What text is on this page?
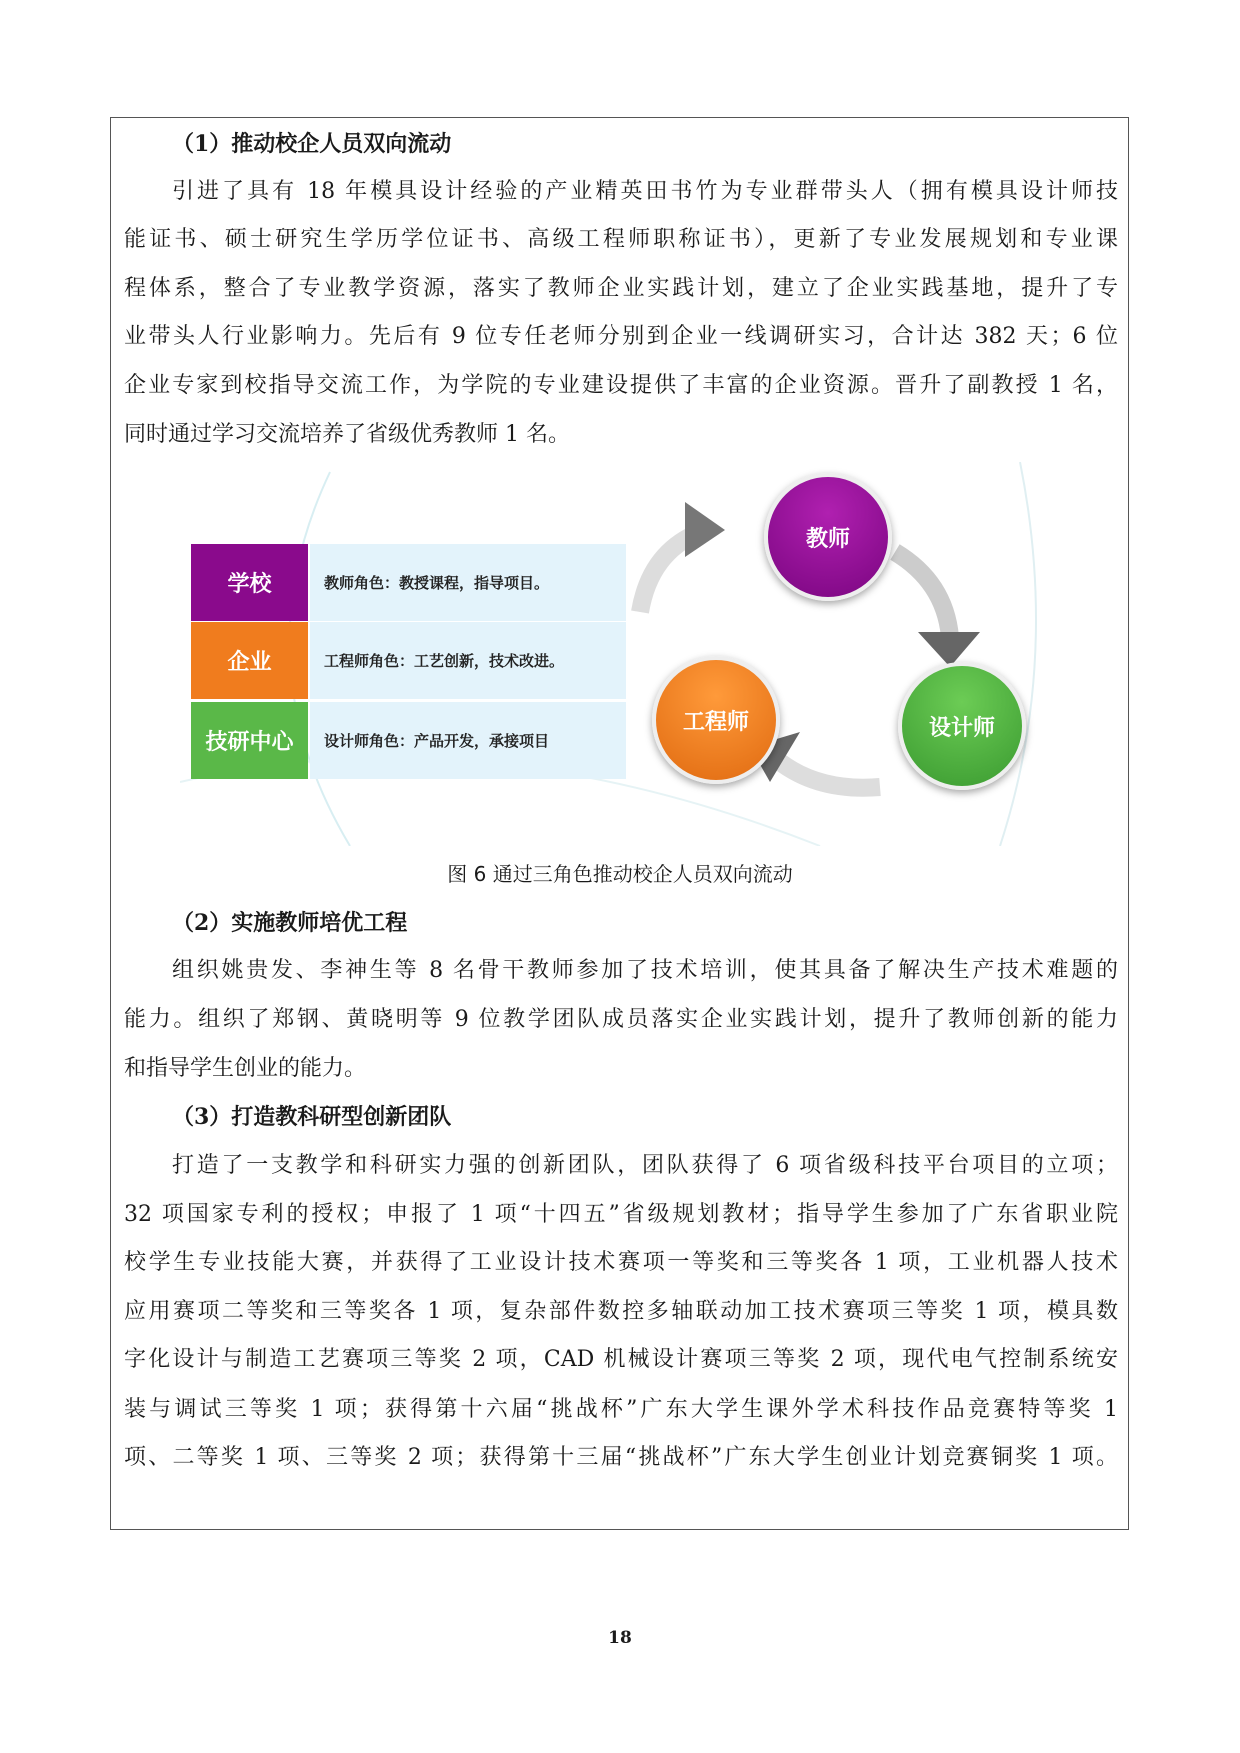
（1）推动校企人员双向流动
引进了具有 18 年模具设计经验的产业精英田书竹为专业群带头人（拥有模具设计师技
能证书、硕士研究生学历学位证书、高级工程师职称证书），更新了专业发展规划和专业课
程体系，整合了专业教学资源，落实了教师企业实践计划，建立了企业实践基地，提升了专
业带头人行业影响力。先后有 9 位专任老师分别到企业一线调研实习，合计达 382 天；6 位
企业专家到校指导交流工作，为学院的专业建设提供了丰富的企业资源。晋升了副教授 1 名，
同时通过学习交流培养了省级优秀教师 1 名。
学校	教师角色：教授课程，指导项目。
企业	工程师角色：工艺创新，技术改进。
技研中心	设计师角色：产品开发，承接项目
教师
设计师
工程师
图 6 通过三角色推动校企人员双向流动
（2）实施教师培优工程
组织姚贵发、李神生等 8 名骨干教师参加了技术培训，使其具备了解决生产技术难题的
能力。组织了郑钢、黄晓明等 9 位教学团队成员落实企业实践计划，提升了教师创新的能力
和指导学生创业的能力。
（3）打造教科研型创新团队
打造了一支教学和科研实力强的创新团队，团队获得了 6 项省级科技平台项目的立项；
32 项国家专利的授权；申报了 1 项“十四五”省级规划教材；指导学生参加了广东省职业院
校学生专业技能大赛，并获得了工业设计技术赛项一等奖和三等奖各 1 项，工业机器人技术
应用赛项二等奖和三等奖各 1 项，复杂部件数控多轴联动加工技术赛项三等奖 1 项，模具数
字化设计与制造工艺赛项三等奖 2 项，CAD 机械设计赛项三等奖 2 项，现代电气控制系统安
装与调试三等奖 1 项；获得第十六届“挑战杯”广东大学生课外学术科技作品竞赛特等奖 1
项、二等奖 1 项、三等奖 2 项；获得第十三届“挑战杯”广东大学生创业计划竞赛铜奖 1 项。
18
